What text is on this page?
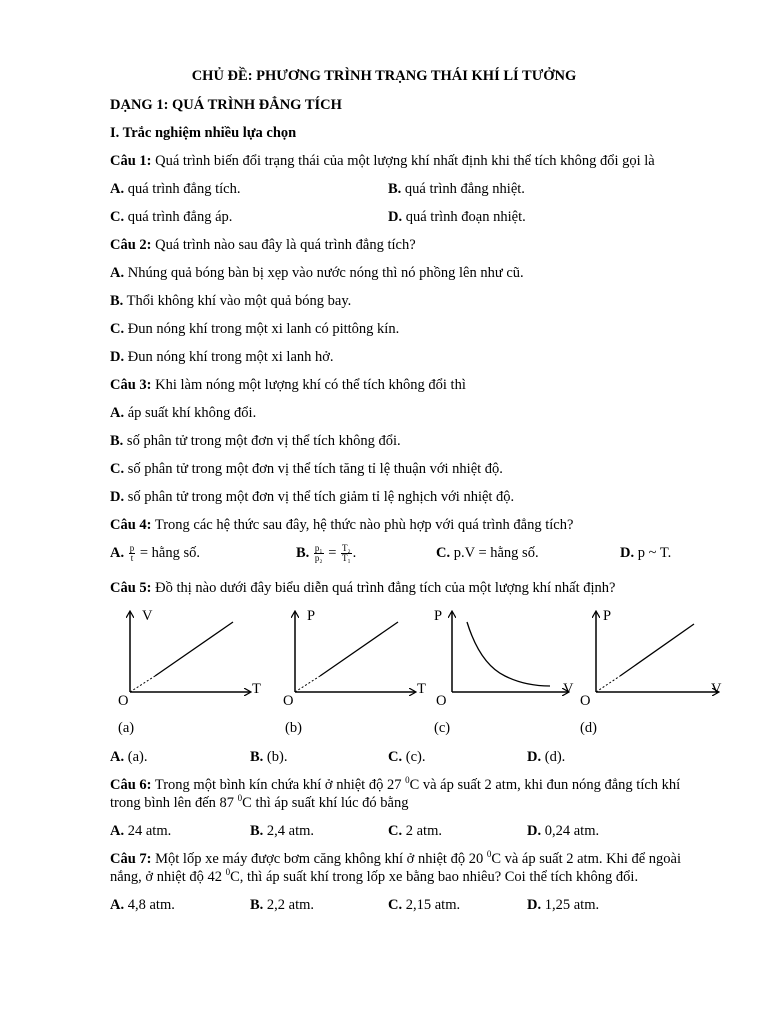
CHỦ ĐỀ: PHƯƠNG TRÌNH TRẠNG THÁI KHÍ LÍ TƯỞNG
DẠNG 1: QUÁ TRÌNH ĐẲNG TÍCH
I. Trắc nghiệm nhiều lựa chọn
Câu 1: Quá trình biến đổi trạng thái của một lượng khí nhất định khi thể tích không đổi gọi là
A. quá trình đẳng tích.	B. quá trình đẳng nhiệt.
C. quá trình đẳng áp.	D. quá trình đoạn nhiệt.
Câu 2: Quá trình nào sau đây là quá trình đẳng tích?
A. Nhúng quả bóng bàn bị xẹp vào nước nóng thì nó phồng lên như cũ.
B. Thổi không khí vào một quả bóng bay.
C. Đun nóng khí trong một xi lanh có pittông kín.
D. Đun nóng khí trong một xi lanh hở.
Câu 3: Khi làm nóng một lượng khí có thể tích không đổi thì
A. áp suất khí không đổi.
B. số phân tử trong một đơn vị thể tích không đổi.
C. số phân tử trong một đơn vị thể tích tăng tỉ lệ thuận với nhiệt độ.
D. số phân tử trong một đơn vị thể tích giảm tỉ lệ nghịch với nhiệt độ.
Câu 4: Trong các hệ thức sau đây, hệ thức nào phù hợp với quá trình đẳng tích?
A. $\frac{p}{t}$ = hằng số.	B. $\frac{\text{p₁}}{\text{p₂}} = \frac{\text{T₂}}{\text{T₁}}$ .	C. p.V = hằng số.	D. p ~ T.
Câu 5: Đồ thị nào dưới đây biểu diễn quá trình đẳng tích của một lượng khí nhất định?
V
T
O
(a)
P
T
O
(b)
P
V
O
(c)
P
V
O
(d)
A. (a).	B. (b).	C. (c).	D. (d).
Câu 6: Trong một bình kín chứa khí ở nhiệt độ 27 $^0$C và áp suất 2 atm, khi đun nóng đẳng tích khí
trong bình lên đến 87 $^0$C thì áp suất khí lúc đó bằng
A. 24 atm.	B. 2,4 atm.	C. 2 atm.	D. 0,24 atm.
Câu 7: Một lốp xe máy được bơm căng không khí ở nhiệt độ 20 $^0$C và áp suất 2 atm. Khi để ngoài
nắng, ở nhiệt độ 42 $^0$C, thì áp suất khí trong lốp xe bằng bao nhiêu? Coi thể tích không đổi.
A. 4,8 atm.	B. 2,2 atm.	C. 2,15 atm.	D. 1,25 atm.
